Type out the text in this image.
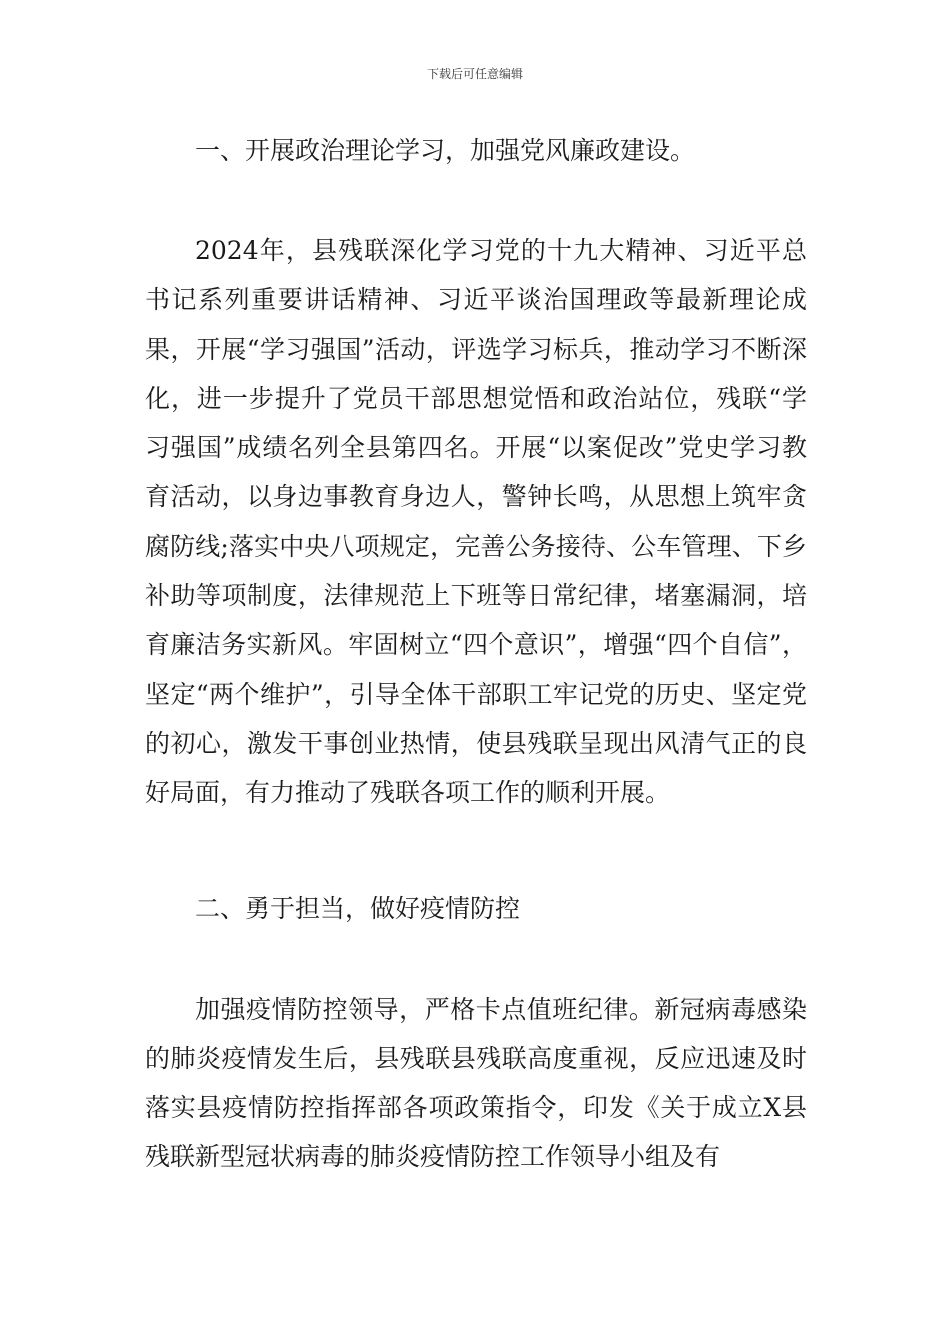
下载后可任意编辑
一、开展政治理论学习，加强党风廉政建设。

2024年，县残联深化学习党的十九大精神、习近平总书记系列重要讲话精神、习近平谈治国理政等最新理论成果，开展“学习强国”活动，评选学习标兵，推动学习不断深化，进一步提升了党员干部思想觉悟和政治站位，残联“学习强国”成绩名列全县第四名。开展“以案促改”党史学习教育活动，以身边事教育身边人，警钟长鸣，从思想上筑牢贪腐防线;落实中央八项规定，完善公务接待、公车管理、下乡补助等项制度，法律规范上下班等日常纪律，堵塞漏洞，培育廉洁务实新风。牢固树立“四个意识”，增强“四个自信”，坚定“两个维护”，引导全体干部职工牢记党的历史、坚定党的初心，激发干事创业热情，使县残联呈现出风清气正的良好局面，有力推动了残联各项工作的顺利开展。

二、勇于担当，做好疫情防控

加强疫情防控领导，严格卡点值班纪律。新冠病毒感染的肺炎疫情发生后，县残联县残联高度重视，反应迅速及时落实县疫情防控指挥部各项政策指令，印发《关于成立X县残联新型冠状病毒的肺炎疫情防控工作领导小组及有
